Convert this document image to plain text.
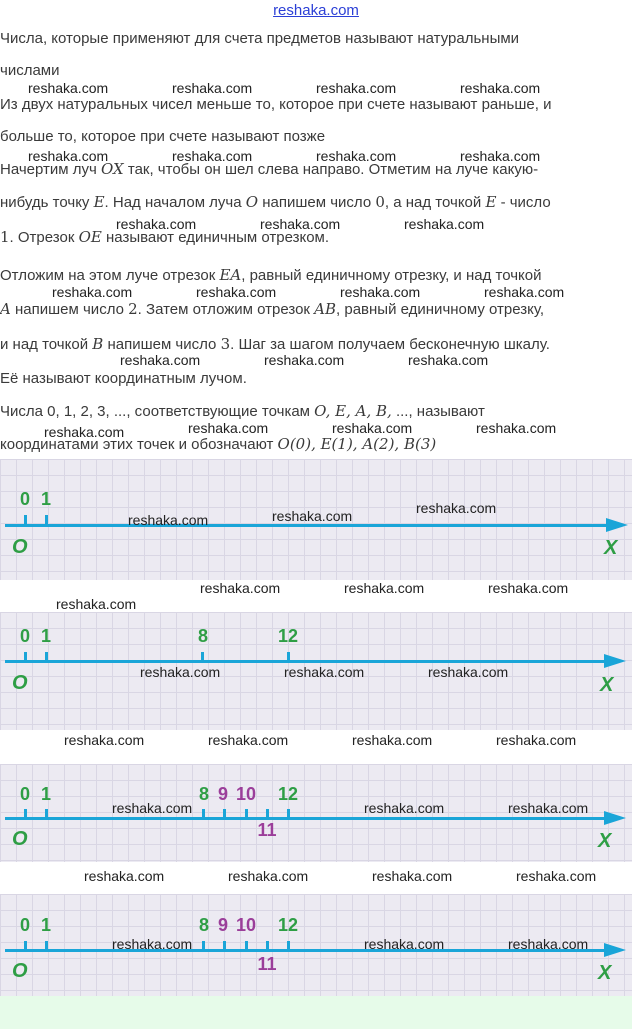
reshaka.com
Числа, которые применяют для счета предметов называют натуральными
числами
Из двух натуральных чисел меньше то, которое при счете называют раньше, и
больше то, которое при счете называют позже
Начертим луч OX так, чтобы он шел слева направо. Отметим на луче какую-
нибудь точку E. Над началом луча O напишем число 0, а над точкой E - число
1. Отрезок OE называют единичным отрезком.
Отложим на этом луче отрезок EA, равный единичному отрезку, и над точкой
A напишем число 2. Затем отложим отрезок AB, равный единичному отрезку,
и над точкой B напишем число 3. Шаг за шагом получаем бесконечную шкалу.
Её называют координатным лучом.
Числа 0, 1, 2, 3, ..., соответствующие точкам O, E, A, B, ..., называют
координатами этих точек и обозначают O(0), E(1), A(2), B(3)
0 1
O	X
0 1	8	12
O	X
0 1	8 9 10 12
11
O	X
0 1	8 9 10 12
11
O	X
reshaka.com	reshaka.com	reshaka.com	reshaka.com
reshaka.com	reshaka.com	reshaka.com	reshaka.com
reshaka.com	reshaka.com	reshaka.com
reshaka.com	reshaka.com	reshaka.com	reshaka.com
reshaka.com	reshaka.com	reshaka.com
reshaka.com	reshaka.com	reshaka.com	reshaka.com
reshaka.com	reshaka.com	reshaka.com
reshaka.com	reshaka.com	reshaka.com
reshaka.com
reshaka.com	reshaka.com	reshaka.com
reshaka.com	reshaka.com	reshaka.com	reshaka.com
reshaka.com	reshaka.com	reshaka.com
reshaka.com	reshaka.com	reshaka.com	reshaka.com
reshaka.com	reshaka.com	reshaka.com
